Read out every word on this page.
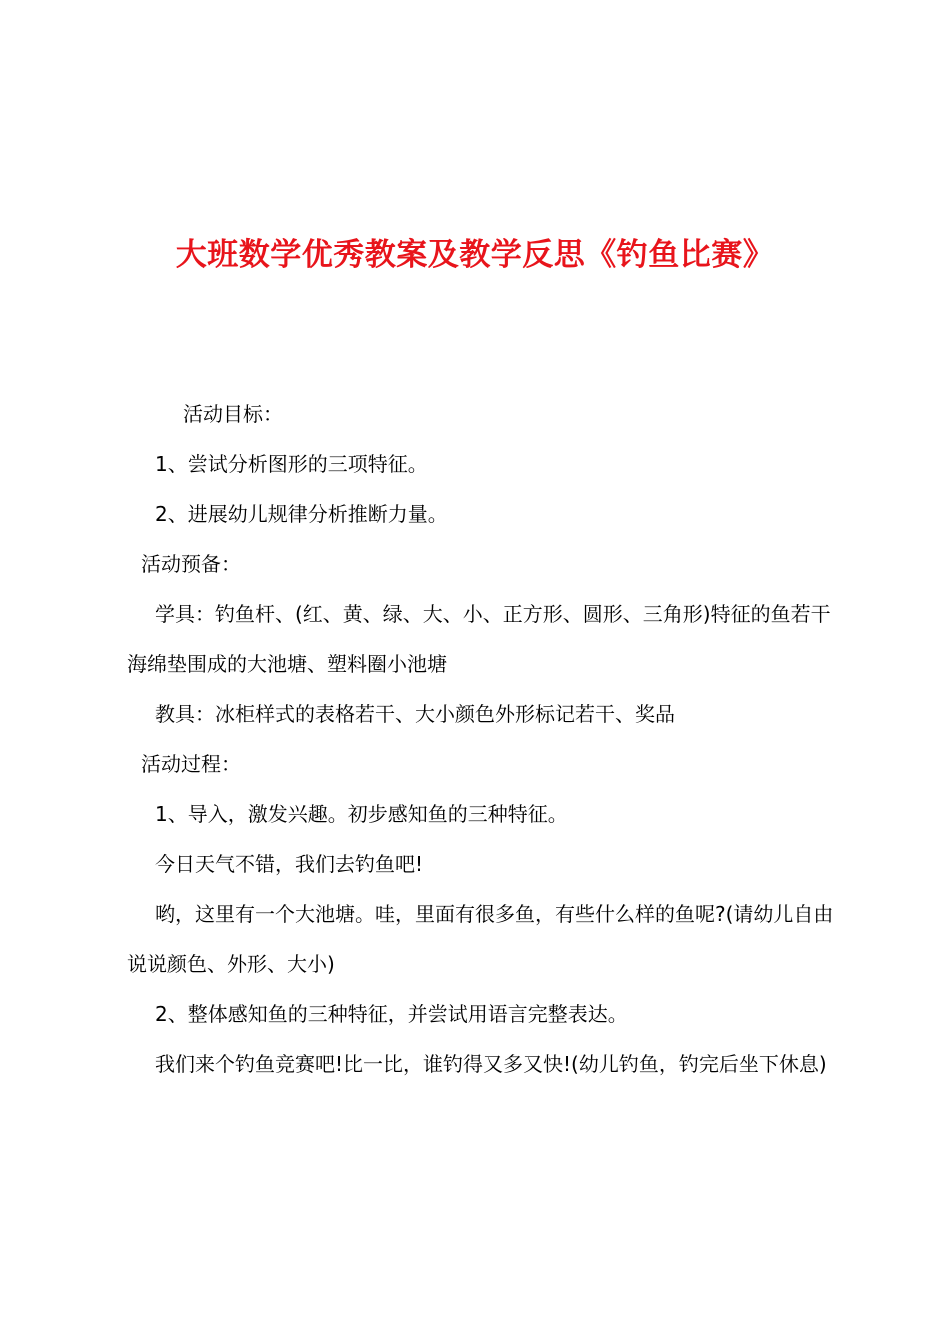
大班数学优秀教案及教学反思《钓鱼比赛》

活动目标：

1、尝试分析图形的三项特征。

2、进展幼儿规律分析推断力量。

活动预备：

学具：钓鱼杆、(红、黄、绿、大、小、正方形、圆形、三角形)特征的鱼若干 海绵垫围成的大池塘、塑料圈小池塘

教具：冰柜样式的表格若干、大小颜色外形标记若干、奖品

活动过程：

1、导入，激发兴趣。初步感知鱼的三种特征。

今日天气不错，我们去钓鱼吧!

哟，这里有一个大池塘。哇，里面有很多鱼，有些什么样的鱼呢?(请幼儿自由说说颜色、外形、大小)

2、整体感知鱼的三种特征，并尝试用语言完整表达。

我们来个钓鱼竞赛吧!比一比，谁钓得又多又快!(幼儿钓鱼，钓完后坐下休息)
